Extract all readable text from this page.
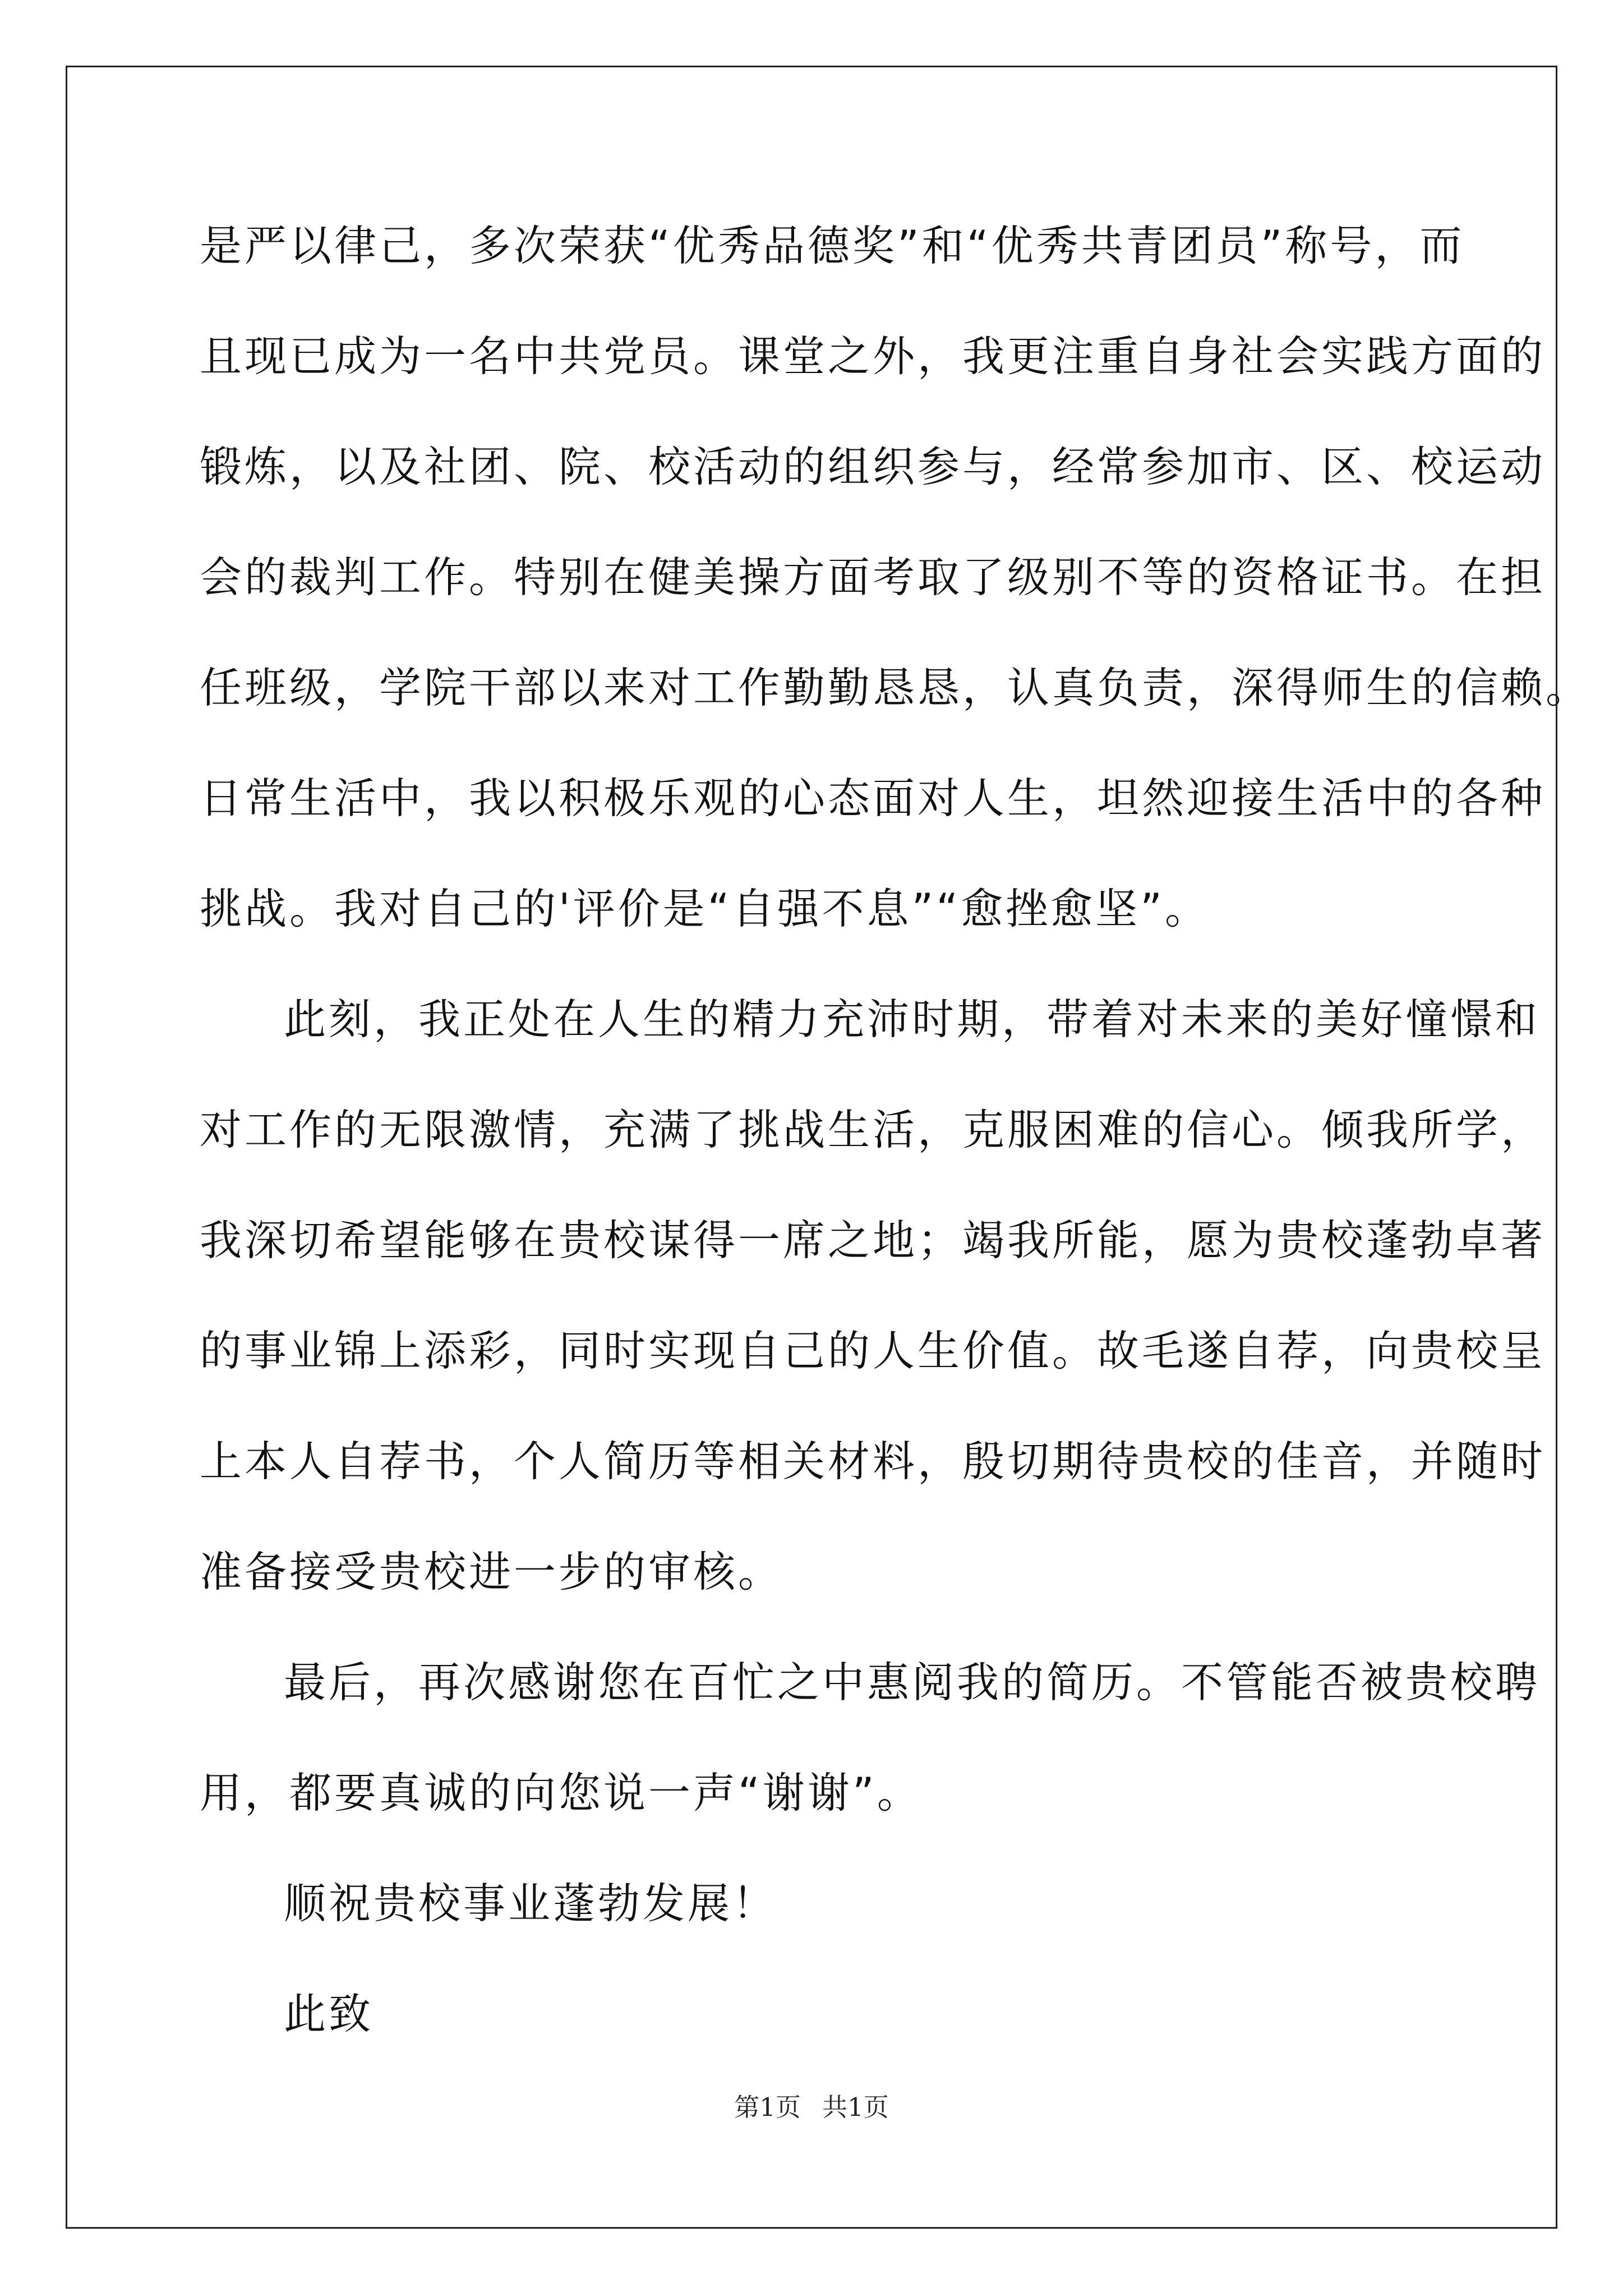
是严以律己，多次荣获“优秀品德奖”和“优秀共青团员”称号，而
且现已成为一名中共党员。课堂之外，我更注重自身社会实践方面的
锻炼，以及社团、院、校活动的组织参与，经常参加市、区、校运动
会的裁判工作。特别在健美操方面考取了级别不等的资格证书。在担
任班级，学院干部以来对工作勤勤恳恳，认真负责，深得师生的信赖。
日常生活中，我以积极乐观的心态面对人生，坦然迎接生活中的各种
挑战。我对自己的'评价是“自强不息”“愈挫愈坚”。
此刻，我正处在人生的精力充沛时期，带着对未来的美好憧憬和
对工作的无限激情，充满了挑战生活，克服困难的信心。倾我所学，
我深切希望能够在贵校谋得一席之地；竭我所能，愿为贵校蓬勃卓著
的事业锦上添彩，同时实现自己的人生价值。故毛遂自荐，向贵校呈
上本人自荐书，个人简历等相关材料，殷切期待贵校的佳音，并随时
准备接受贵校进一步的审核。
最后，再次感谢您在百忙之中惠阅我的简历。不管能否被贵校聘
用，都要真诚的向您说一声“谢谢”。
顺祝贵校事业蓬勃发展！
此致
第1页 共1页
